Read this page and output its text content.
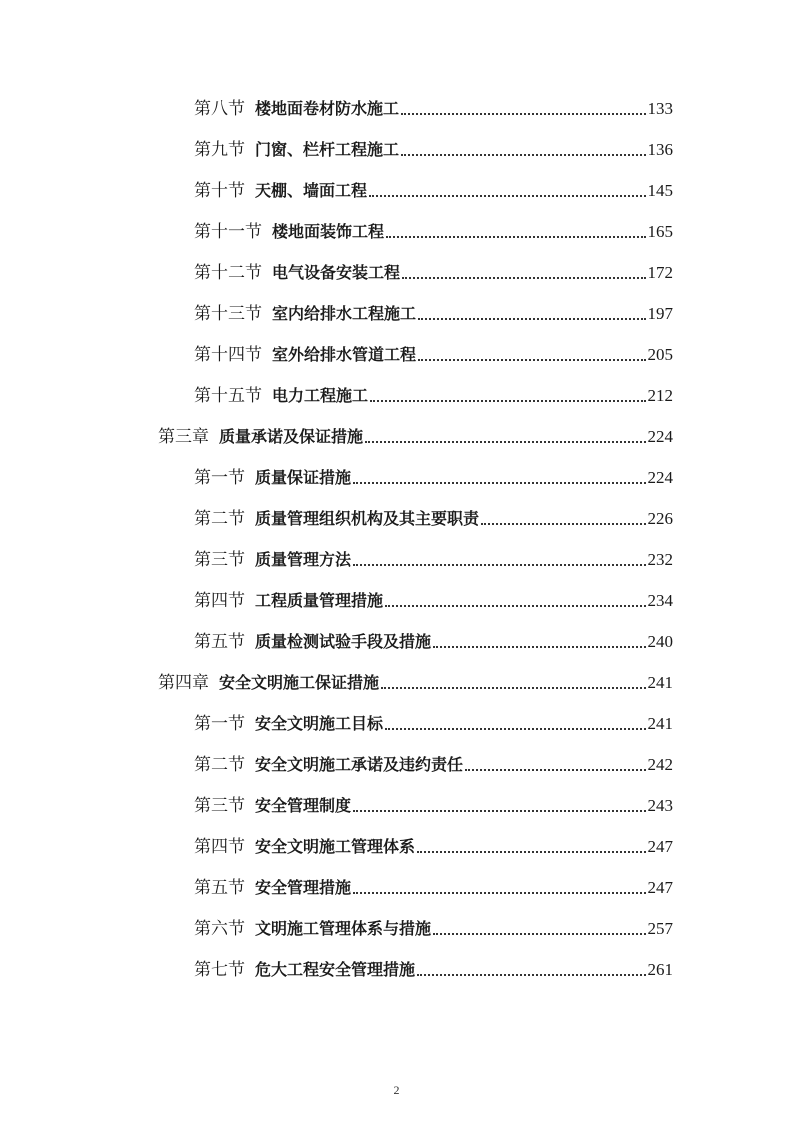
第八节 楼地面卷材防水施工	133
第九节 门窗、栏杆工程施工	136
第十节 天棚、墙面工程	145
第十一节 楼地面装饰工程	165
第十二节 电气设备安装工程	172
第十三节 室内给排水工程施工	197
第十四节 室外给排水管道工程	205
第十五节 电力工程施工	212
第三章 质量承诺及保证措施	224
第一节 质量保证措施	224
第二节 质量管理组织机构及其主要职责	226
第三节 质量管理方法	232
第四节 工程质量管理措施	234
第五节 质量检测试验手段及措施	240
第四章 安全文明施工保证措施	241
第一节 安全文明施工目标	241
第二节 安全文明施工承诺及违约责任	242
第三节 安全管理制度	243
第四节 安全文明施工管理体系	247
第五节 安全管理措施	247
第六节 文明施工管理体系与措施	257
第七节 危大工程安全管理措施	261
2
